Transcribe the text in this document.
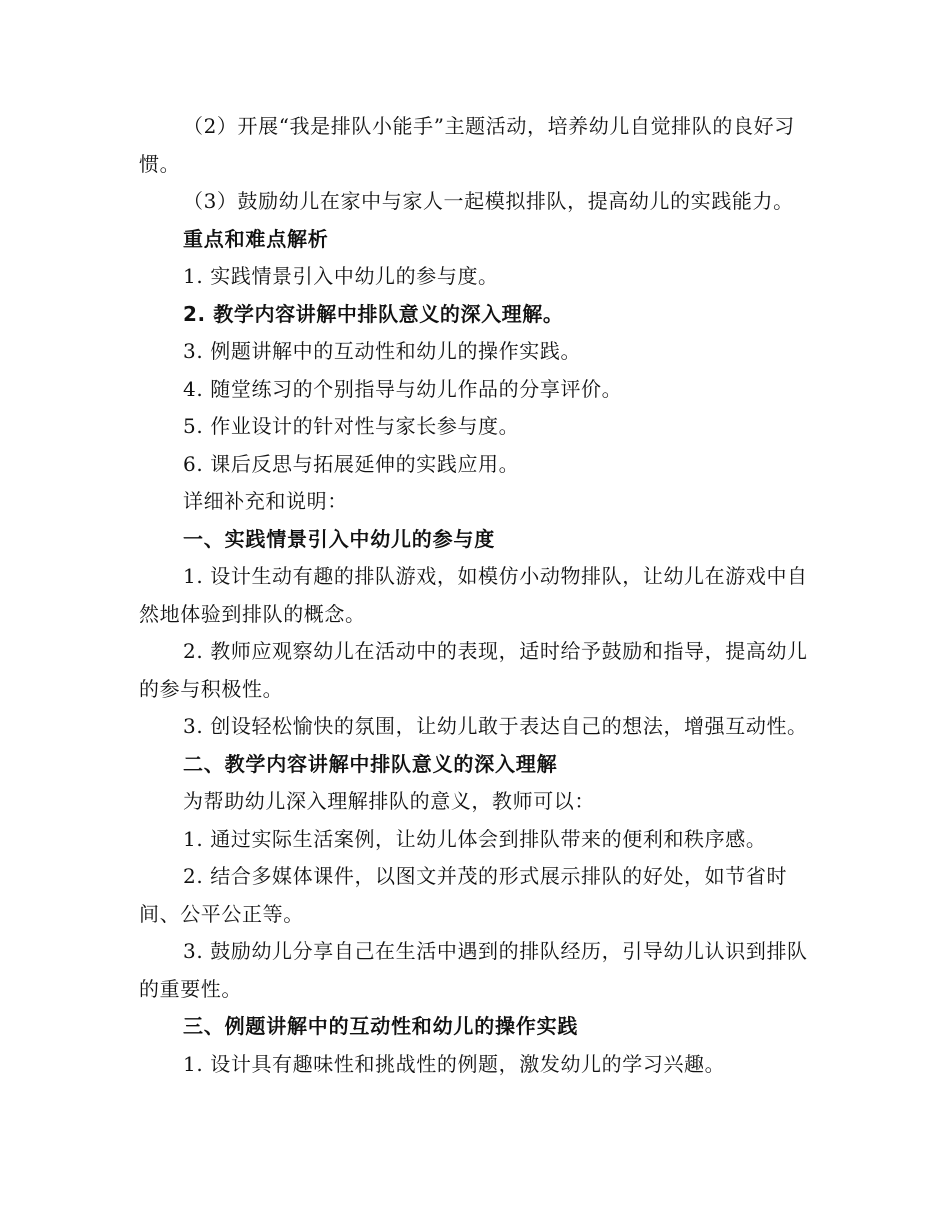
（2）开展“我是排队小能手”主题活动，培养幼儿自觉排队的良好习惯。

（3）鼓励幼儿在家中与家人一起模拟排队，提高幼儿的实践能力。

重点和难点解析

1. 实践情景引入中幼儿的参与度。

2. 教学内容讲解中排队意义的深入理解。

3. 例题讲解中的互动性和幼儿的操作实践。

4. 随堂练习的个别指导与幼儿作品的分享评价。

5. 作业设计的针对性与家长参与度。

6. 课后反思与拓展延伸的实践应用。

详细补充和说明：

一、实践情景引入中幼儿的参与度

1. 设计生动有趣的排队游戏，如模仿小动物排队，让幼儿在游戏中自然地体验到排队的概念。

2. 教师应观察幼儿在活动中的表现，适时给予鼓励和指导，提高幼儿的参与积极性。

3. 创设轻松愉快的氛围，让幼儿敢于表达自己的想法，增强互动性。

二、教学内容讲解中排队意义的深入理解

为帮助幼儿深入理解排队的意义，教师可以：

1. 通过实际生活案例，让幼儿体会到排队带来的便利和秩序感。

2. 结合多媒体课件，以图文并茂的形式展示排队的好处，如节省时间、公平公正等。

3. 鼓励幼儿分享自己在生活中遇到的排队经历，引导幼儿认识到排队的重要性。

三、例题讲解中的互动性和幼儿的操作实践

1. 设计具有趣味性和挑战性的例题，激发幼儿的学习兴趣。
